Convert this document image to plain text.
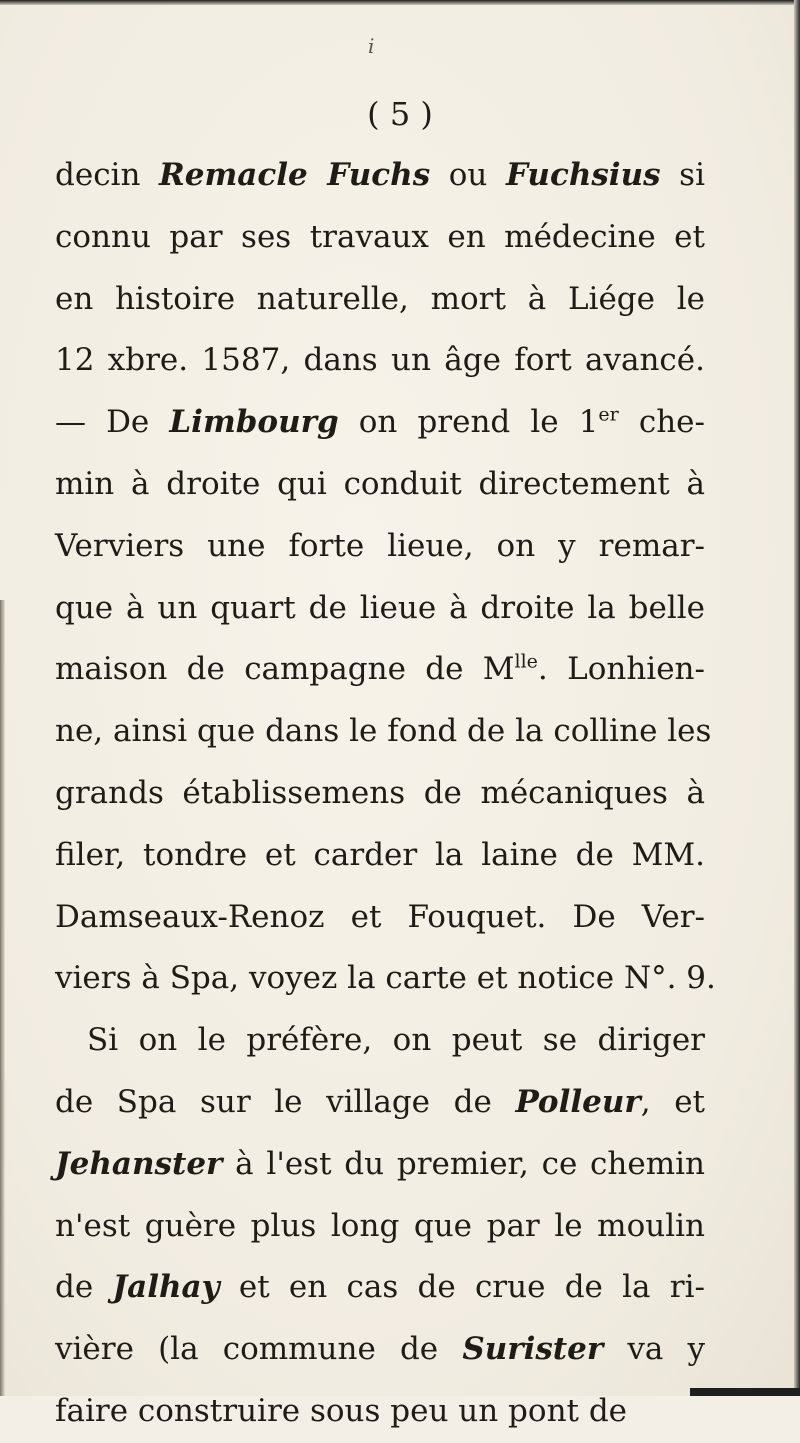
i
( 5 )
decin Remacle Fuchs ou Fuchsius si
connu par ses travaux en médecine et
en histoire naturelle, mort à Liége le
12 xbre. 1587, dans un âge fort avancé.
— De Limbourg on prend le 1er che-
min à droite qui conduit directement à
Verviers une forte lieue, on y remar-
que à un quart de lieue à droite la belle
maison de campagne de $M^{lle}$. Lonhien-
ne, ainsi que dans le fond de la colline les
grands établissemens de mécaniques à
filer, tondre et carder la laine de MM.
Damseaux-Renoz et Fouquet. De Ver-
viers à Spa, voyez la carte et notice N°. 9.
Si on le préfère, on peut se diriger
de Spa sur le village de Polleur, et
Jehanster à l'est du premier, ce chemin
n'est guère plus long que par le moulin
de Jalhay et en cas de crue de la ri-
vière (la commune de Surister va y
faire construire sous peu un pont de
